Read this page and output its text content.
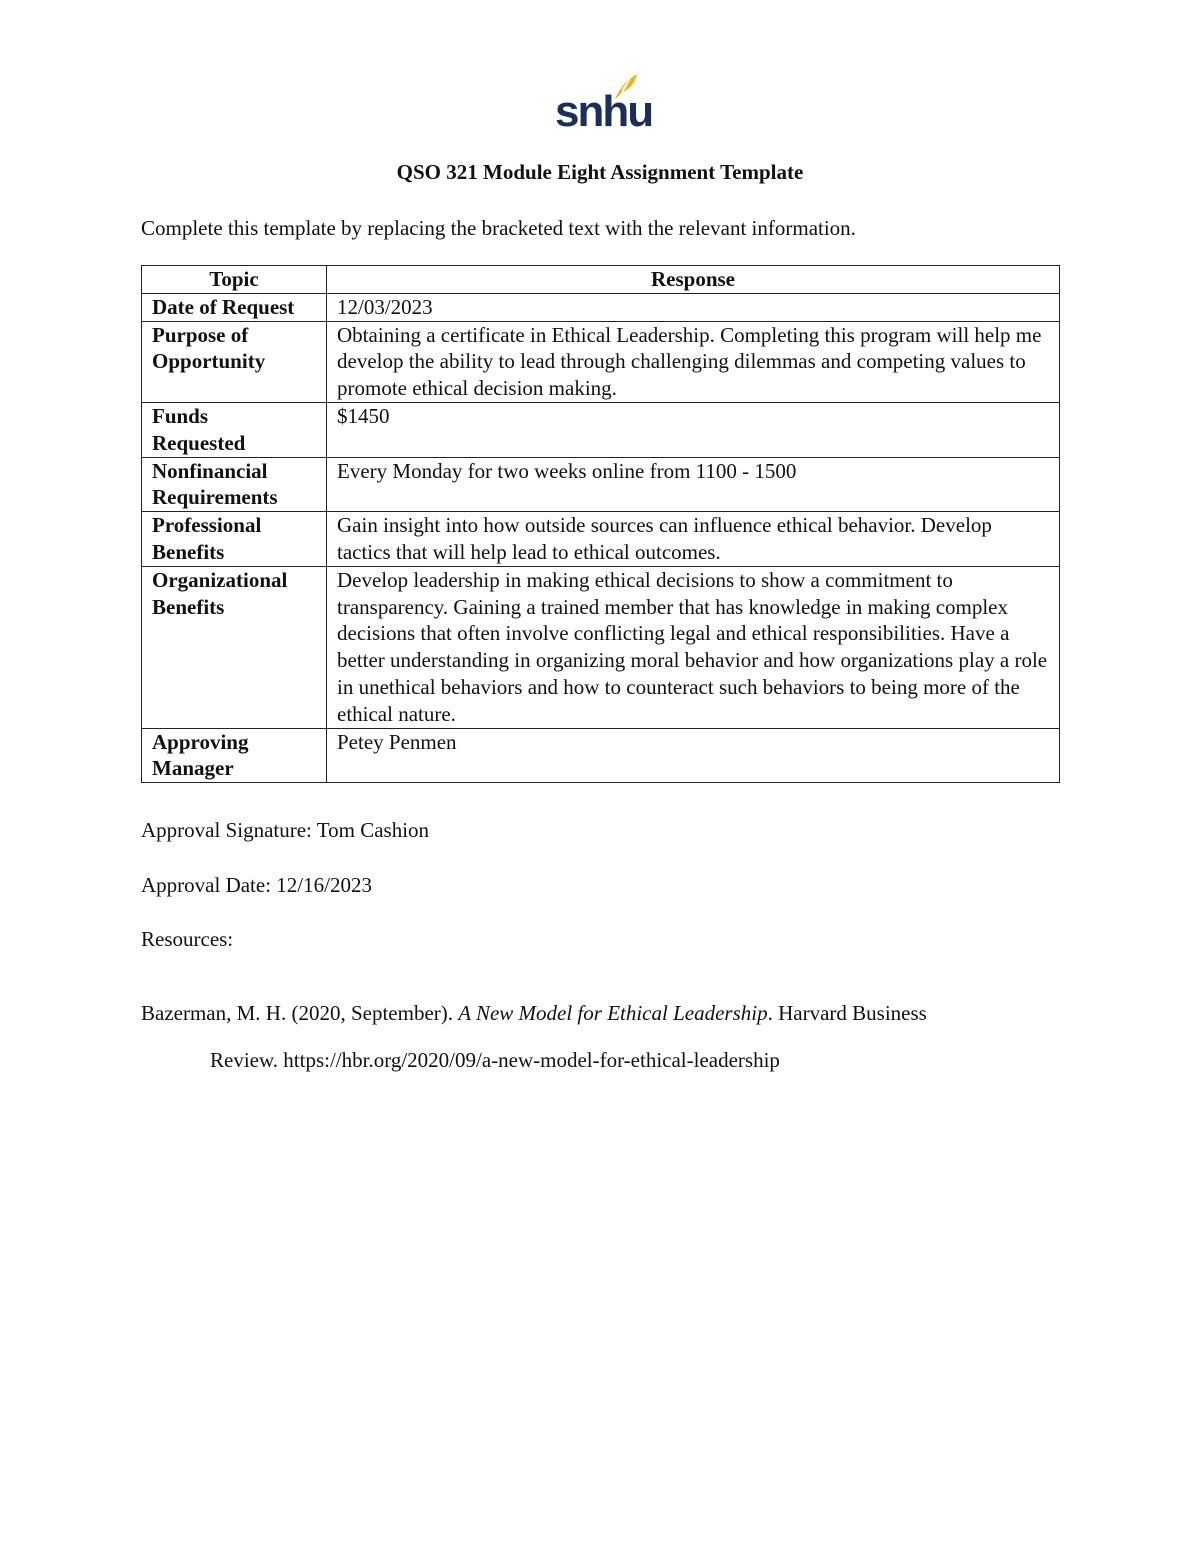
snhu
QSO 321 Module Eight Assignment Template
Complete this template by replacing the bracketed text with the relevant information.
Topic	Response
Date of Request	12/03/2023
Purpose of
Opportunity	Obtaining a certificate in Ethical Leadership. Completing this program will help me develop the ability to lead through challenging dilemmas and competing values to promote ethical decision making.
Funds
Requested	$1450
Nonfinancial
Requirements	Every Monday for two weeks online from 1100 - 1500
Professional
Benefits	Gain insight into how outside sources can influence ethical behavior. Develop tactics that will help lead to ethical outcomes.
Organizational
Benefits	Develop leadership in making ethical decisions to show a commitment to transparency. Gaining a trained member that has knowledge in making complex decisions that often involve conflicting legal and ethical responsibilities. Have a better understanding in organizing moral behavior and how organizations play a role in unethical behaviors and how to counteract such behaviors to being more of the ethical nature.
Approving
Manager	Petey Penmen
Approval Signature: Tom Cashion
Approval Date: 12/16/2023
Resources:
Bazerman, M. H. (2020, September). A New Model for Ethical Leadership. Harvard Business
Review. https://hbr.org/2020/09/a-new-model-for-ethical-leadership
